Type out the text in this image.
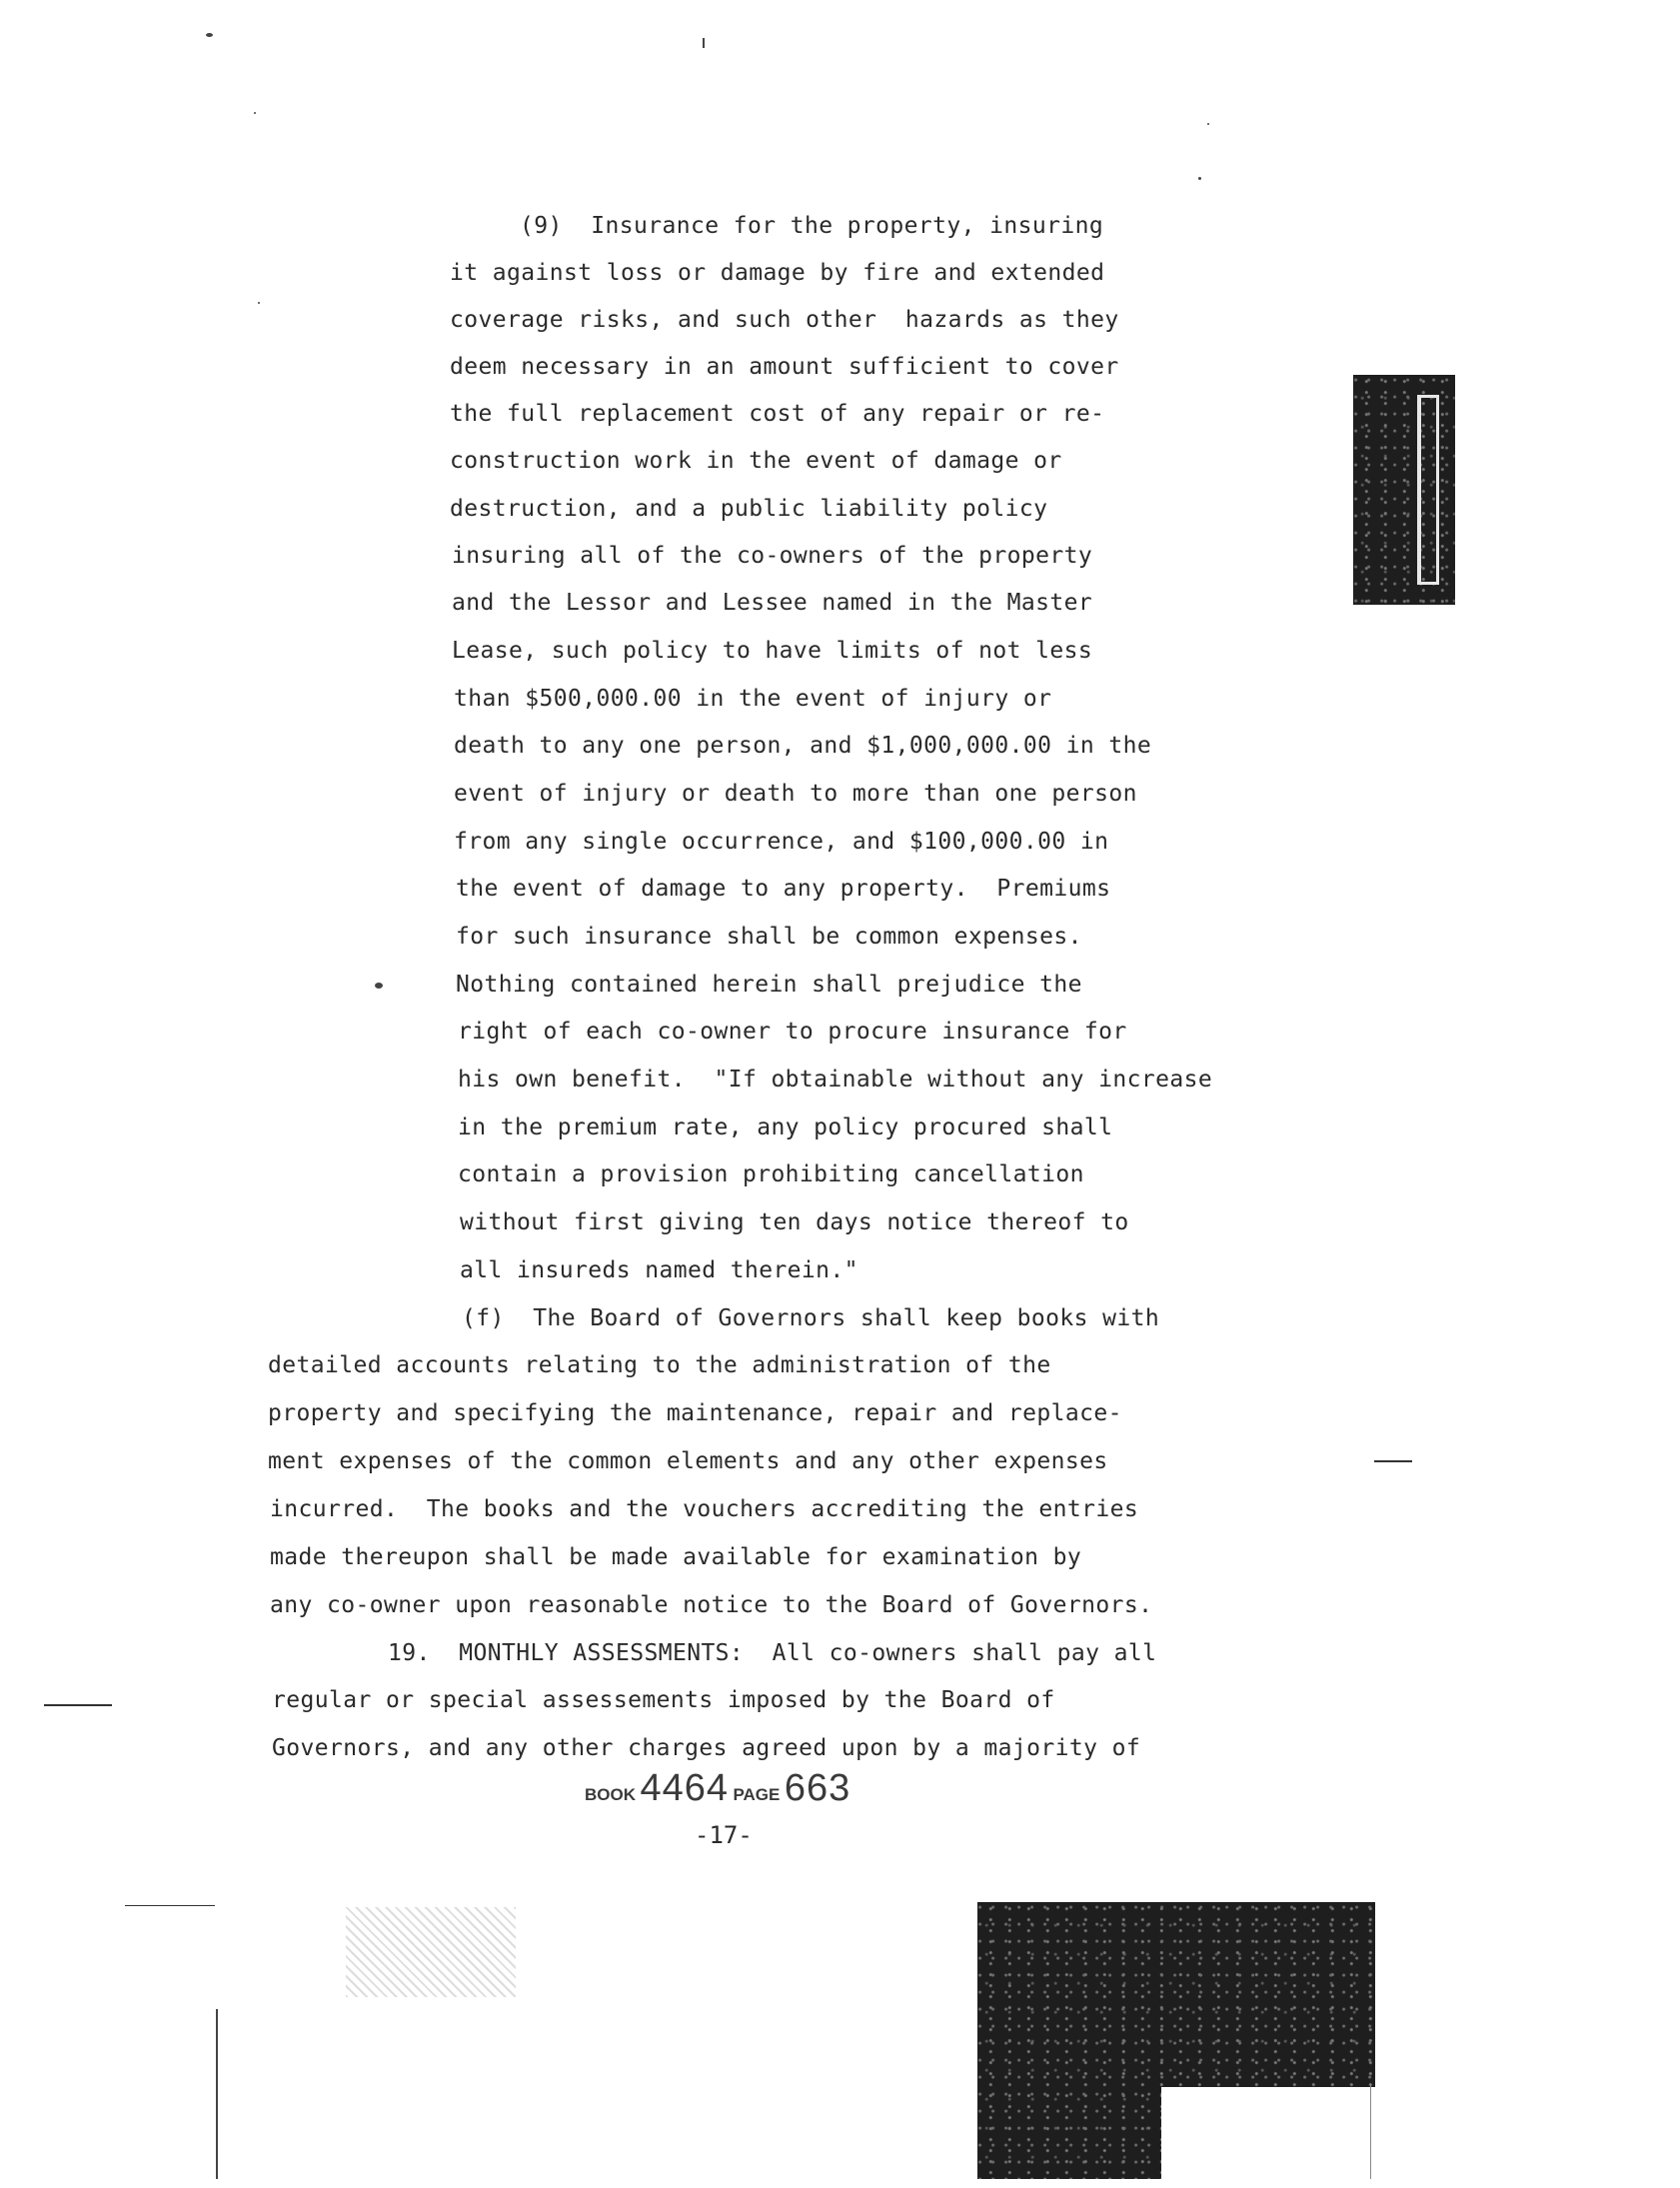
(9)  Insurance for the property, insuring
it against loss or damage by fire and extended
coverage risks, and such other  hazards as they
deem necessary in an amount sufficient to cover
the full replacement cost of any repair or re-
construction work in the event of damage or
destruction, and a public liability policy
insuring all of the co-owners of the property
and the Lessor and Lessee named in the Master
Lease, such policy to have limits of not less
than $500,000.00 in the event of injury or
death to any one person, and $1,000,000.00 in the
event of injury or death to more than one person
from any single occurrence, and $100,000.00 in
the event of damage to any property.  Premiums
for such insurance shall be common expenses.
Nothing contained herein shall prejudice the
right of each co-owner to procure insurance for
his own benefit.  "If obtainable without any increase
in the premium rate, any policy procured shall
contain a provision prohibiting cancellation
without first giving ten days notice thereof to
all insureds named therein."
(f)  The Board of Governors shall keep books with
detailed accounts relating to the administration of the
property and specifying the maintenance, repair and replace-
ment expenses of the common elements and any other expenses
incurred.  The books and the vouchers accrediting the entries
made thereupon shall be made available for examination by
any co-owner upon reasonable notice to the Board of Governors.
19.  MONTHLY ASSESSMENTS:  All co-owners shall pay all
regular or special assessements imposed by the Board of
Governors, and any other charges agreed upon by a majority of
BOOK 4464 PAGE 663
-17-
